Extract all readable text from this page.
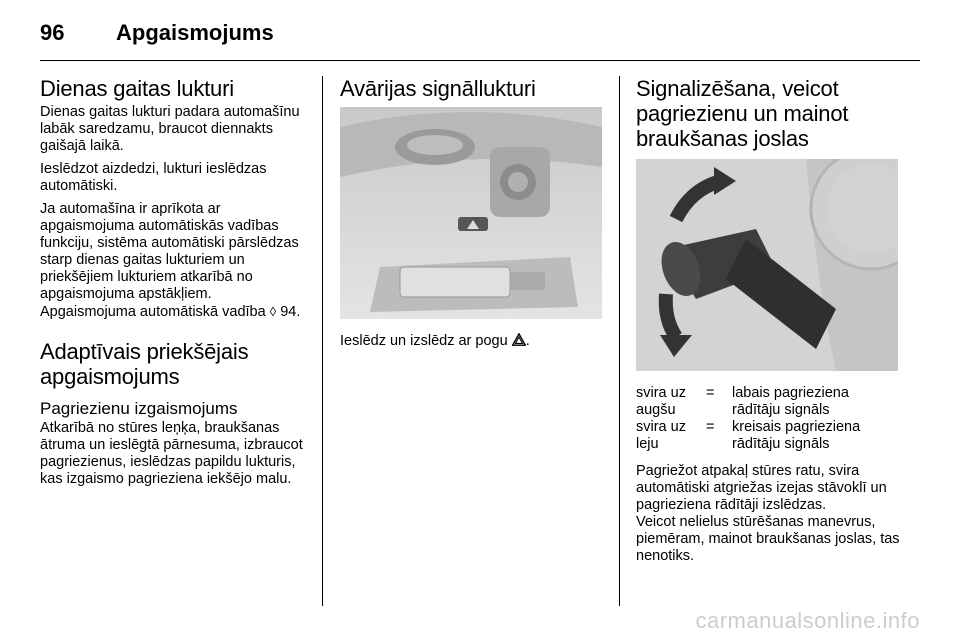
96 Apgaismojums
Dienas gaitas lukturi

Dienas gaitas lukturi padara automašīnu labāk saredzamu, braucot diennakts gaišajā laikā.

Ieslēdzot aizdedzi, lukturi ieslēdzas automātiski.

Ja automašīna ir aprīkota ar apgaismojuma automātiskās vadības funkciju, sistēma automātiski pārslēdzas starp dienas gaitas lukturiem un priekšējiem lukturiem atkarībā no apgaismojuma apstākļiem. Apgaismojuma automātiskā vadība ◊ 94.

Adaptīvais priekšējais apgaismojums
Pagriezienu izgaismojums

Atkarībā no stūres leņķa, braukšanas ātruma un ieslēgtā pārnesuma, izbraucot pagriezienus, ieslēdzas papildu lukturis, kas izgaismo pagrieziena iekšējo malu.

Avārijas signāllukturi

Ieslēdz un izslēdz ar pogu .

Signalizēšana, veicot pagriezienu un mainot braukšanas joslas
svira uz augšu	=	labais pagrieziena rādītāju signāls
svira uz leju	=	kreisais pagrieziena rādītāju signāls

Pagriežot atpakaļ stūres ratu, svira automātiski atgriežas izejas stāvoklī un pagrieziena rādītāji izslēdzas.
Veicot nelielus stūrēšanas manevrus, piemēram, mainot braukšanas joslas, tas nenotiks.

carmanualsonline.info
